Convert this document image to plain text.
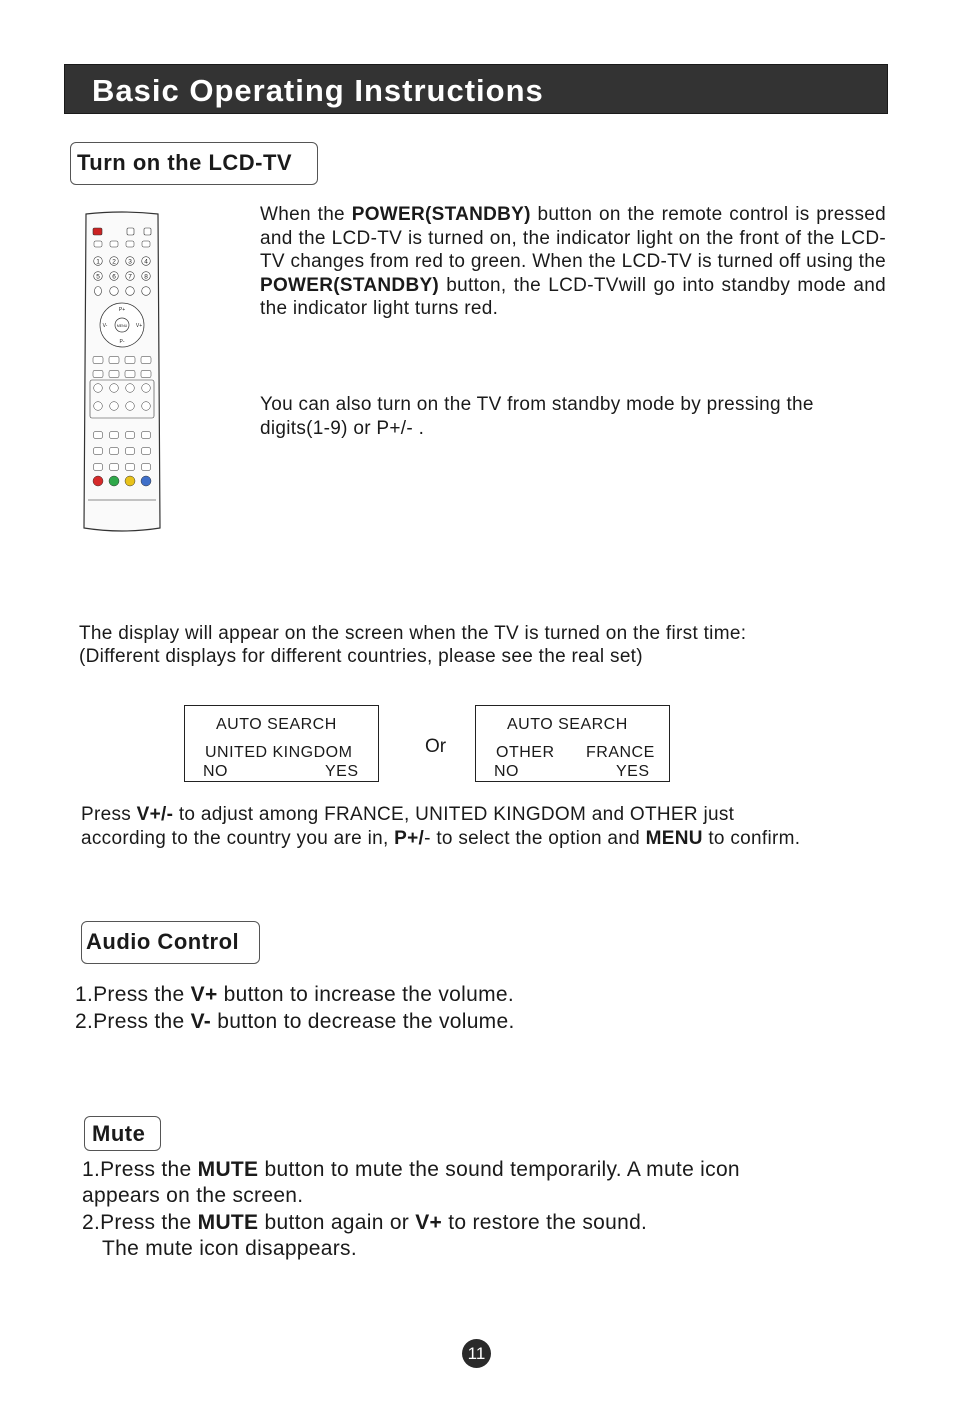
Basic Operating Instructions
Turn on the LCD-TV
1 2 3 4
5 6 7 8
MENU
P+
P-
V-	V+
When the POWER(STANDBY) button on the remote control is pressed and the LCD-TV is turned on, the indicator light on the front of the LCD-TV changes from red to green. When the LCD-TV is turned off using the POWER(STANDBY) button, the LCD-TVwill go into standby mode and the indicator light turns red.
You can also turn on the TV from standby mode by pressing the digits(1-9) or P+/- .
The display will appear on the screen when the TV is turned on the first time:
(Different displays for different countries, please see the real set)
AUTO SEARCH
UNITED KINGDOM
NO	YES
Or
AUTO SEARCH
OTHER FRANCE
NO	YES
Press V+/- to adjust among FRANCE, UNITED KINGDOM and OTHER just
according to the country you are in, P+/- to select the option and MENU to confirm.
Audio Control
1.Press the V+ button to increase the volume.
2.Press the V- button to decrease the volume.
Mute
1.Press the MUTE button to mute the sound temporarily. A mute icon
appears on the screen.
2.Press the MUTE button again or V+ to restore the sound.
The mute icon disappears.
11
